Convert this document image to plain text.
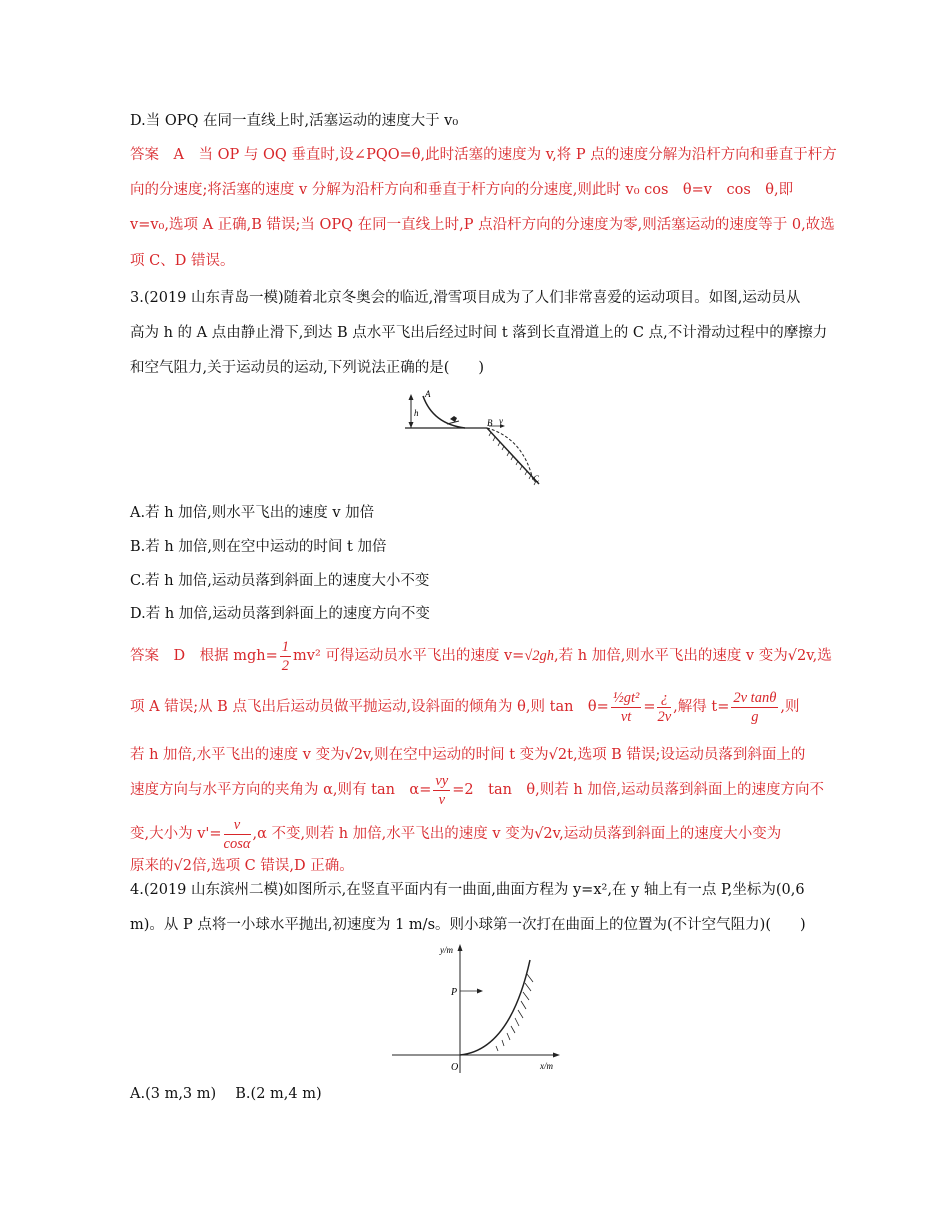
D.当 OPQ 在同一直线上时,活塞运动的速度大于 v₀
答案　A　当 OP 与 OQ 垂直时,设∠PQO=θ,此时活塞的速度为 v,将 P 点的速度分解为沿杆方向和垂直于杆方
向的分速度;将活塞的速度 v 分解为沿杆方向和垂直于杆方向的分速度,则此时 v₀ cos　θ=v　cos　θ,即
v=v₀,选项 A 正确,B 错误;当 OPQ 在同一直线上时,P 点沿杆方向的分速度为零,则活塞运动的速度等于 0,故选
项 C、D 错误。
3.(2019 山东青岛一模)随着北京冬奥会的临近,滑雪项目成为了人们非常喜爱的运动项目。如图,运动员从
高为 h 的 A 点由静止滑下,到达 B 点水平飞出后经过时间 t 落到长直滑道上的 C 点,不计滑动过程中的摩擦力
和空气阻力,关于运动员的运动,下列说法正确的是(　　)
A
h
B v
C
A.若 h 加倍,则水平飞出的速度 v 加倍
B.若 h 加倍,则在空中运动的时间 t 加倍
C.若 h 加倍,运动员落到斜面上的速度大小不变
D.若 h 加倍,运动员落到斜面上的速度方向不变
答案　D　根据 $mgh= \frac{1}{2} mv^2$ 可得运动员水平飞出的速度 v=√2gh,若 h 加倍,则水平飞出的速度 v 变为√2v,选
项 A 错误;从 B 点飞出后运动员做平抛运动,设斜面的倾角为 θ,则 tan　$\theta= \frac{\text{½gt²}}{vt} = \frac{¿}{2v}$ ,解得 $t= \frac{\text{2v tanθ}}{g}$ ,则
若 h 加倍,水平飞出的速度 v 变为√2v,则在空中运动的时间 t 变为√2t,选项 B 错误;设运动员落到斜面上的
速度方向与水平方向的夹角为 α,则有 tan　$\alpha= \frac{vy}{v} =2$　tan　θ,则若 h 加倍,运动员落到斜面上的速度方向不
变,大小为 $v'= \frac{v}{\cos\alpha} ,\alpha$ 不变,则若 h 加倍,水平飞出的速度 v 变为√2v,运动员落到斜面上的速度大小变为
原来的√2倍,选项 C 错误,D 正确。
4.(2019 山东滨州二模)如图所示,在竖直平面内有一曲面,曲面方程为 y=x²,在 y 轴上有一点 P,坐标为(0,6
m)。从 P 点将一小球水平抛出,初速度为 1 m/s。则小球第一次打在曲面上的位置为(不计空气阻力)(　　)
y/m
x/m
P
O
A.(3 m,3 m)　 B.(2 m,4 m)
